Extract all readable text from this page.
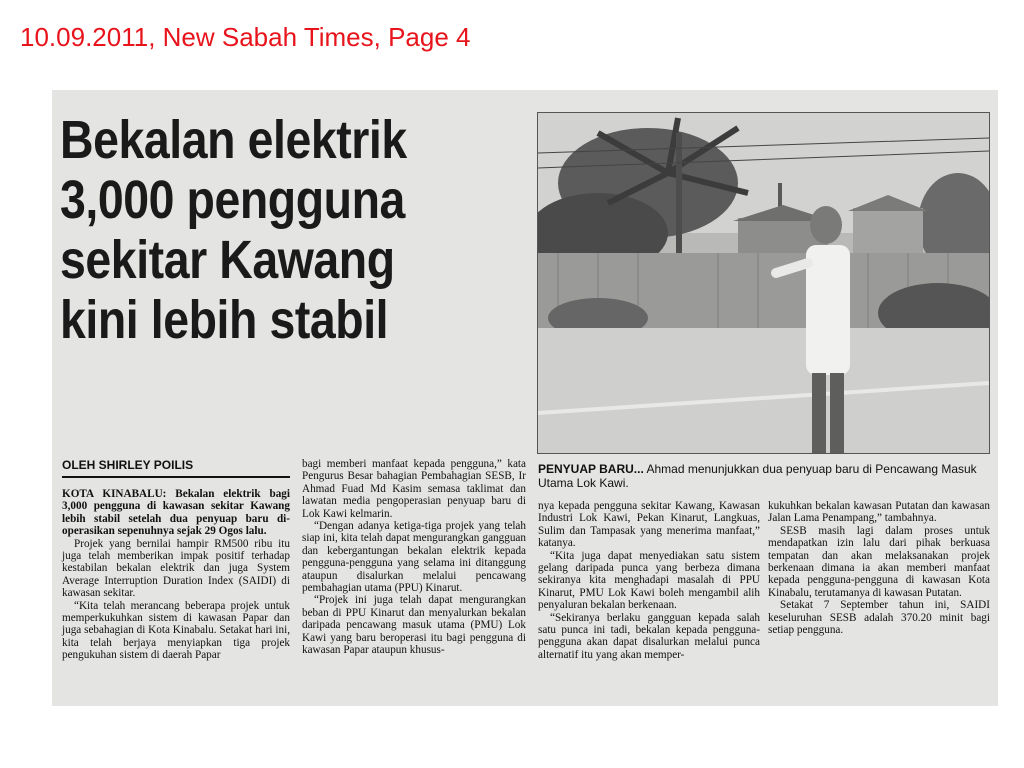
10.09.2011, New Sabah Times, Page 4
Bekalan elektrik
3,000 pengguna
sekitar Kawang
kini lebih stabil
PENYUAP BARU... Ahmad menunjukkan dua penyuap baru di Pencawang Masuk Utama Lok Kawi.
OLEH SHIRLEY POILIS

KOTA KINABALU: Bekalan elektrik bagi 3,000 pengguna di kawasan sekitar Kawang lebih stabil setelah dua penyuap baru di-operasikan sepenuhnya sejak 29 Ogos lalu.

Projek yang bernilai hampir RM500 ribu itu juga telah memberikan impak positif terhadap kestabilan bekalan elektrik dan juga System Average Interruption Duration Index (SAIDI) di kawasan sekitar.

“Kita telah merancang beberapa projek untuk memperkukuhkan sistem di kawasan Papar dan juga sebahagian di Kota Kinabalu. Setakat hari ini, kita telah berjaya menyiapkan tiga projek pengukuhan sistem di daerah Papar

bagi memberi manfaat kepada pengguna,” kata Pengurus Besar bahagian Pembahagian SESB, Ir Ahmad Fuad Md Kasim semasa taklimat dan lawatan media pengoperasian penyuap baru di Lok Kawi kelmarin.

“Dengan adanya ketiga-tiga projek yang telah siap ini, kita telah dapat mengurangkan gangguan dan kebergantungan bekalan elektrik kepada pengguna-pengguna yang selama ini ditanggung ataupun disalurkan melalui pencawang pembahagian utama (PPU) Kinarut.

“Projek ini juga telah dapat mengurangkan beban di PPU Kinarut dan menyalurkan bekalan daripada pencawang masuk utama (PMU) Lok Kawi yang baru beroperasi itu bagi pengguna di kawasan Papar ataupun khusus-

nya kepada pengguna sekitar Kawang, Kawasan Industri Lok Kawi, Pekan Kinarut, Langkuas, Sulim dan Tampasak yang menerima manfaat,” katanya.

“Kita juga dapat menyediakan satu sistem gelang daripada punca yang berbeza dimana sekiranya kita menghadapi masalah di PPU Kinarut, PMU Lok Kawi boleh mengambil alih penyaluran bekalan berkenaan.

“Sekiranya berlaku gangguan kepada salah satu punca ini tadi, bekalan kepada pengguna-pengguna akan dapat disalurkan melalui punca alternatif itu yang akan memper-

kukuhkan bekalan kawasan Putatan dan kawasan Jalan Lama Penampang,” tambahnya.

SESB masih lagi dalam proses untuk mendapatkan izin lalu dari pihak berkuasa tempatan dan akan melaksanakan projek berkenaan dimana ia akan memberi manfaat kepada pengguna-pengguna di kawasan Kota Kinabalu, terutamanya di kawasan Putatan.

Setakat 7 September tahun ini, SAIDI keseluruhan SESB adalah 370.20 minit bagi setiap pengguna.
